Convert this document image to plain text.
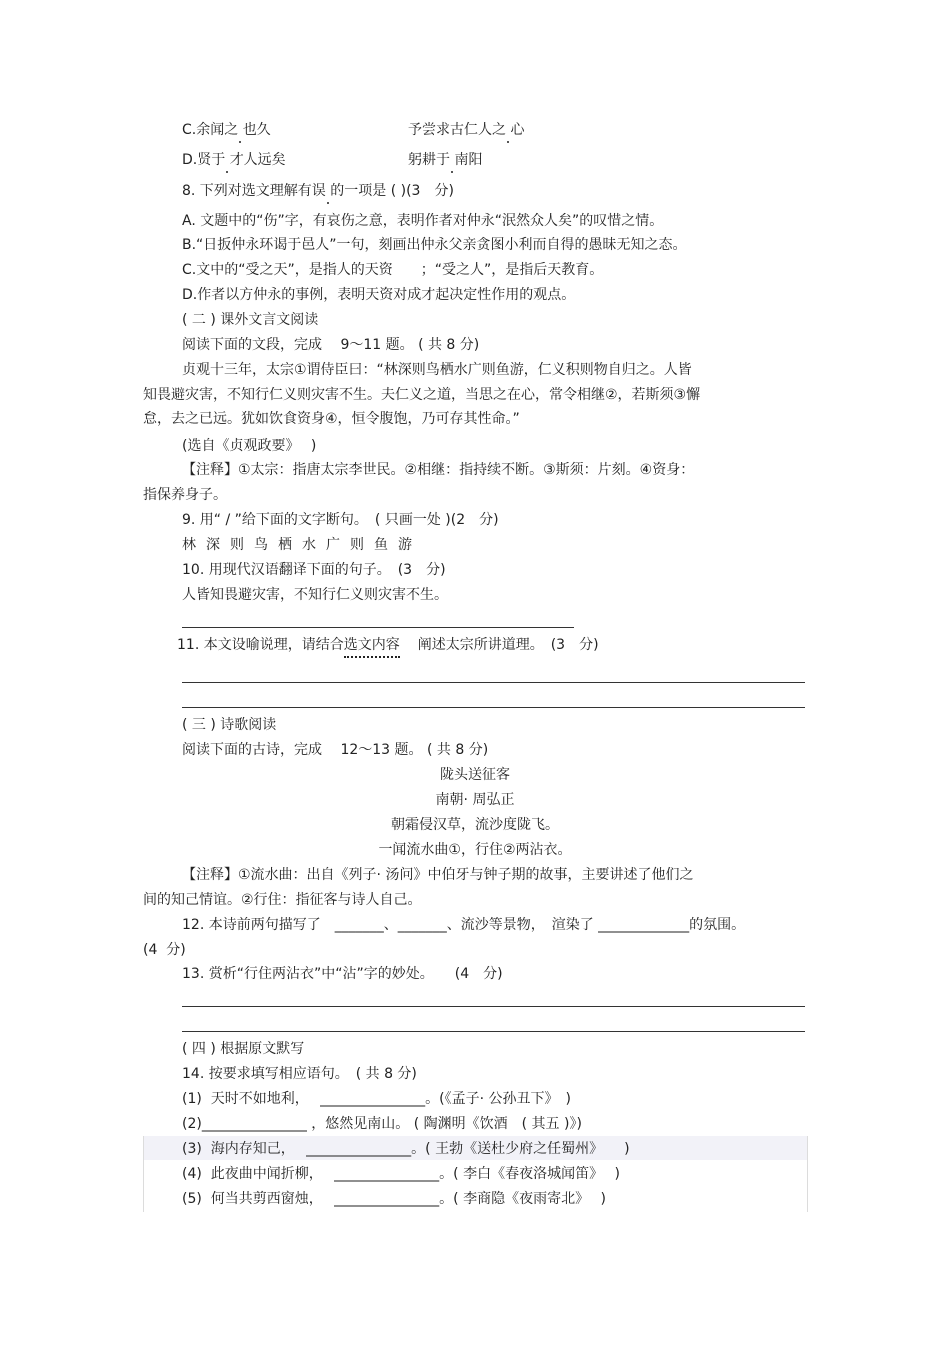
C.余闻之 也久	予尝求古仁人之 心
D.贤于 才人远矣	躬耕于 南阳
8. 下列对选文理解有误 的一项是 ( )(3　分)
A. 文题中的“伤”字，有哀伤之意，表明作者对仲永“泯然众人矣”的叹惜之情。
B.“日扳仲永环谒于邑人”一句，刻画出仲永父亲贪图小利而自得的愚昧无知之态。
C.文中的“受之天”，是指人的天资　　；“受之人”，是指后天教育。
D.作者以方仲永的事例，表明天资对成才起决定性作用的观点。
( 二 ) 课外文言文阅读
阅读下面的文段，完成　 9～11 题。 ( 共 8 分)
贞观十三年，太宗①谓侍臣曰：“林深则鸟栖水广则鱼游，仁义积则物自归之。人皆
知畏避灾害，不知行仁义则灾害不生。夫仁义之道，当思之在心，常令相继②，若斯须③懈
怠，去之已远。犹如饮食资身④，恒令腹饱，乃可存其性命。”
(选自《贞观政要》　 )
【注释】①太宗：指唐太宗李世民。②相继：指持续不断。③斯须：片刻。④资身：
指保养身子。
9. 用“ / ”给下面的文字断句。　( 只画一处 )(2　分)
林深则鸟栖水广则鱼游
10. 用现代汉语翻译下面的句子。　(3　分)
人皆知畏避灾害，不知行仁义则灾害不生。
11. 本文设喻说理，请结合选文内容 阐述太宗所讲道理。　(3　分)
( 三 ) 诗歌阅读
阅读下面的古诗，完成　 12～13 题。 ( 共 8 分)
陇头送征客
南朝· 周弘正
朝霜侵汉草，流沙度陇飞。
一闻流水曲①，行住②两沾衣。
【注释】①流水曲：出自《列子· 汤问》中伯牙与钟子期的故事，主要讲述了他们之
间的知己情谊。②行住：指征客与诗人自己。
12. 本诗前两句描写了　_______、_______、流沙等景物，　渲染了 _____________的氛围。
(4  分)
13. 赏析“行住两沾衣”中“沾”字的妙处。　　(4　分)
( 四 ) 根据原文默写
14. 按要求填写相应语句。　( 共 8 分)
(1)  天时不如地利，　 _______________。(《孟子· 公孙丑下》　)
(2)_______________ ，悠然见南山。 ( 陶渊明《饮酒　( 其五 )》)
(3)  海内存知己，　 _______________。( 王勃《送杜少府之任蜀州》　　)
(4)  此夜曲中闻折柳，　 _______________。( 李白《春夜洛城闻笛》　 )
(5)  何当共剪西窗烛，　 _______________。( 李商隐《夜雨寄北》　 )
